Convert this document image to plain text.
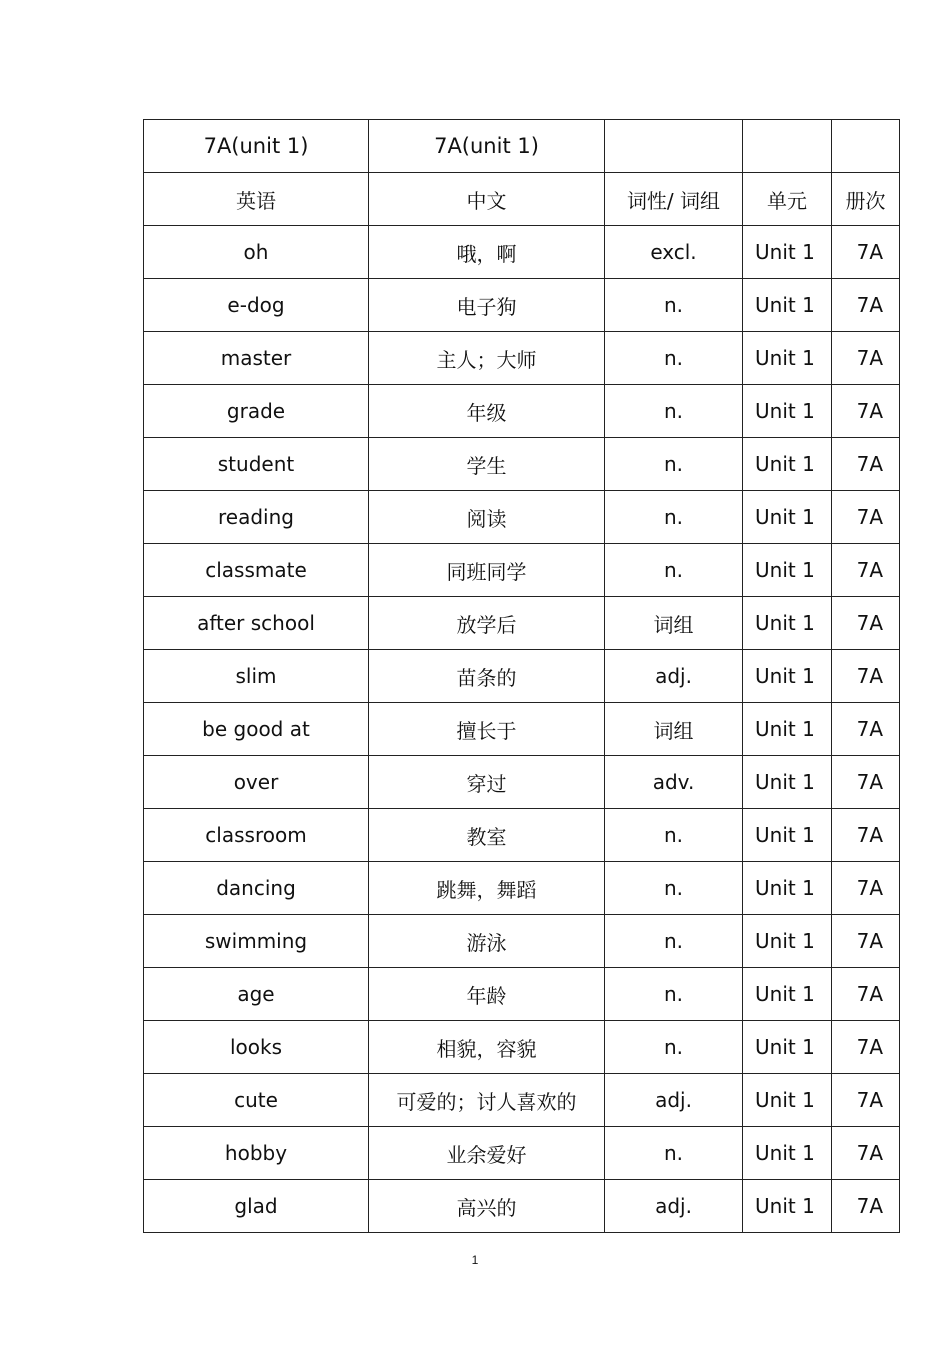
7A(unit 1)	7A(unit 1)			
英语	中文	词性/ 词组	单元	册次
oh	哦，啊	excl.	Unit 1	7A
e-dog	电子狗	n.	Unit 1	7A
master	主人；大师	n.	Unit 1	7A
grade	年级	n.	Unit 1	7A
student	学生	n.	Unit 1	7A
reading	阅读	n.	Unit 1	7A
classmate	同班同学	n.	Unit 1	7A
after school	放学后	词组	Unit 1	7A
slim	苗条的	adj.	Unit 1	7A
be good at	擅长于	词组	Unit 1	7A
over	穿过	adv.	Unit 1	7A
classroom	教室	n.	Unit 1	7A
dancing	跳舞，舞蹈	n.	Unit 1	7A
swimming	游泳	n.	Unit 1	7A
age	年龄	n.	Unit 1	7A
looks	相貌，容貌	n.	Unit 1	7A
cute	可爱的；讨人喜欢的	adj.	Unit 1	7A
hobby	业余爱好	n.	Unit 1	7A
glad	高兴的	adj.	Unit 1	7A
1
